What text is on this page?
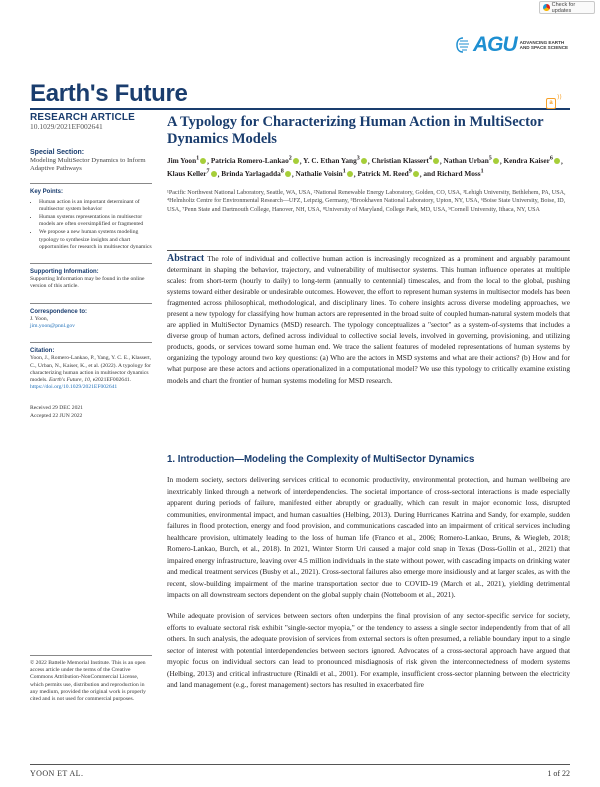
Check for updates
AGU ADVANCING EARTH AND SPACE SCIENCE
Earth's Future	a
))
RESEARCH ARTICLE
10.1029/2021EF002641
Special Section:
Modeling MultiSector Dynamics to Inform Adaptive Pathways
Key Points:
• Human action is an important determinant of multisector system behavior
• Human systems representations in multisector models are often oversimplified or fragmented
• We propose a new human systems modeling typology to synthesize insights and chart opportunities for research in multisector dynamics
Supporting Information:
Supporting Information may be found in the online version of this article.
Correspondence to:
J. Yoon,
jim.yoon@pnnl.gov
Citation:
Yoon, J., Romero-Lankao, P., Yang, Y. C. E., Klassert, C., Urban, N., Kaiser, K., et al. (2022). A typology for characterizing human action in multisector dynamics models. Earth's Future, 10, e2021EF002641. https://doi.org/10.1029/2021EF002641
Received 29 DEC 2021
Accepted 22 JUN 2022
© 2022 Battelle Memorial Institute. This is an open access article under the terms of the Creative Commons Attribution-NonCommercial License, which permits use, distribution and reproduction in any medium, provided the original work is properly cited and is not used for commercial purposes.
A Typology for Characterizing Human Action in MultiSector Dynamics Models
Jim Yoon$^1$ , Patricia Romero-Lankao$^2$ , Y. C. Ethan Yang$^3$ , Christian Klassert$^4$ , Nathan Urban$^5$ , Kendra Kaiser$^6$ , Klaus Keller$^7$ , Brinda Yarlagadda$^8$ , Nathalie Voisin$^1$ , Patrick M. Reed$^9$ , and Richard Moss$^1$
¹Pacific Northwest National Laboratory, Seattle, WA, USA, ²National Renewable Energy Laboratory, Golden, CO, USA, ³Lehigh University, Bethlehem, PA, USA, ⁴Helmholtz Centre for Environmental Research—UFZ, Leipzig, Germany, ⁵Brookhaven National Laboratory, Upton, NY, USA, ⁶Boise State University, Boise, ID, USA, ⁷Penn State and Dartmouth College, Hanover, NH, USA, ⁸University of Maryland, College Park, MD, USA, ⁹Cornell University, Ithaca, NY, USA
Abstract The role of individual and collective human action is increasingly recognized as a prominent and arguably paramount determinant in shaping the behavior, trajectory, and vulnerability of multisector systems. This human influence operates at multiple scales: from short-term (hourly to daily) to long-term (annually to centennial) timescales, and from the local to the global, pushing systems toward either desirable or undesirable outcomes. However, the effort to represent human systems in multisector models has been fragmented across philosophical, methodological, and disciplinary lines. To cohere insights across diverse modeling approaches, we present a new typology for classifying how human actors are represented in the broad suite of coupled human-natural system models that are applied in MultiSector Dynamics (MSD) research. The typology conceptualizes a "sector" as a system-of-systems that includes a diverse group of human actors, defined across individual to collective social levels, involved in governing, provisioning, and utilizing products, goods, or services toward some human end. We trace the salient features of modeled representations of human systems by organizing the typology around two key questions: (a) Who are the actors in MSD systems and what are their actions? (b) How and for what purpose are these actors and actions operationalized in a computational model? We use this typology to critically examine existing models and chart the frontier of human systems modeling for MSD research.
1. Introduction—Modeling the Complexity of MultiSector Dynamics

In modern society, sectors delivering services critical to economic productivity, environmental protection, and human wellbeing are inextricably linked through a network of interdependencies. The societal importance of cross-sectoral interactions is made especially apparent during periods of failure, manifested either abruptly or gradually, which can result in major economic loss, disrupted communities, environmental impact, and human casualties (Helbing, 2013). During Hurricanes Katrina and Sandy, for example, sudden failures in flood protection, energy and food provision, and communications cascaded into an impairment of critical services including healthcare provision, ultimately leading to the loss of human life (Franco et al., 2006; Romero-Lankao, Bruns, & Wiegleb, 2018; Romero-Lankao, Burch, et al., 2018). In 2021, Winter Storm Uri caused a major cold snap in Texas (Doss-Gollin et al., 2021) that impaired energy infrastructure, leaving over 4.5 million individuals in the state without power, with cascading impacts on drinking water and medical treatment services (Busby et al., 2021). Cross-sectoral failures also emerge more insidiously and at larger scales, as with the recent, slow-building impairment of the marine transportation sector due to COVID-19 (March et al., 2021), yielding detrimental impacts on all downstream sectors dependent on the global supply chain (Notteboom et al., 2021).

While adequate provision of services between sectors often underpins the final provision of any sector-specific service for society, efforts to evaluate sectoral risk exhibit "single-sector myopia," or the tendency to assess a single sector independently from that of all others. In such analysis, the adequate provision of services from external sectors is often presumed, a reliable boundary input to a single sector of interest with potential interdependencies between sectors ignored. Advocates of a cross-sectoral approach have argued that myopic focus on individual sectors can lead to pronounced misdiagnosis of risk given the interconnectedness of modern systems (Helbing, 2013) and critical infrastructure (Rinaldi et al., 2001). For example, insufficient cross-sector planning between the electricity and land management (e.g., forest management) sectors has resulted in exacerbated fire

YOON ET AL.	1 of 22
